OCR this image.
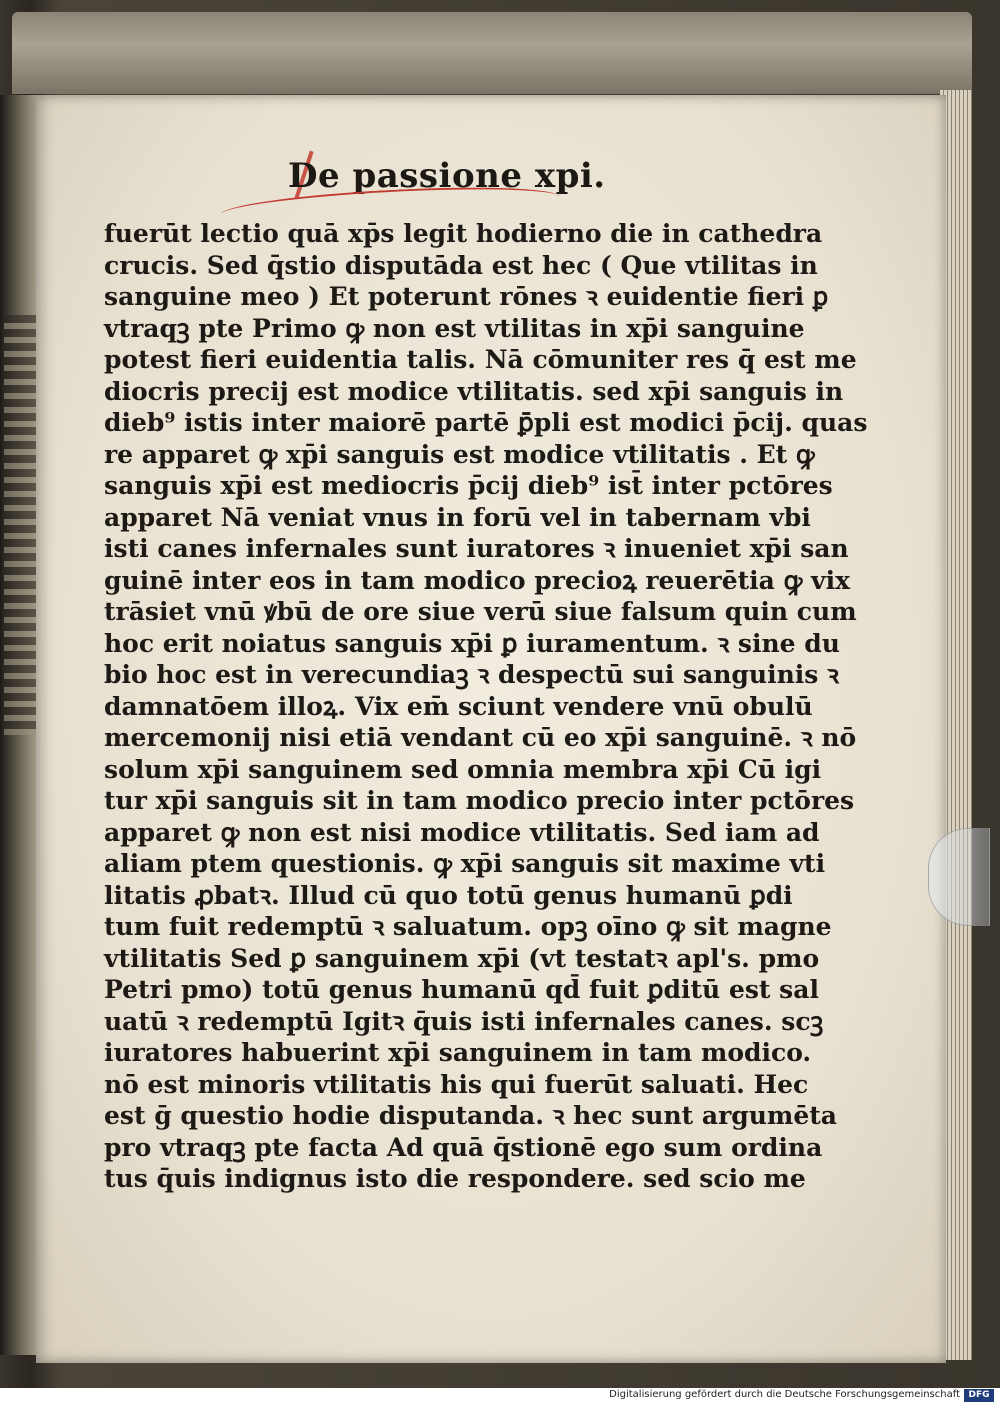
De passione xpi.
fuerūt lectio quā xp̄s legit hodierno die in cathedra
crucis. Sed q̄stio disputāda est hec ( Que vtilitas in
sanguine meo ) Et poterunt rōnes ꝛ euidentie fieri ꝑ
vtraqꝫ pte Primo ꝙ non est vtilitas in xp̄i sanguine
potest fieri euidentia talis. Nā cōmuniter res q̄ est me
diocris precij est modice vtilitatis. sed xp̄i sanguis in
dieb⁹ istis inter maiorē partē ꝑ̄pli est modici p̄cij. quas
re apparet ꝙ xp̄i sanguis est modice vtilitatis . Et ꝙ
sanguis xp̄i est mediocris p̄cij dieb⁹ ist̄ inter pctōres
apparet Nā veniat vnus in forū vel in tabernam vbi
isti canes infernales sunt iuratores ꝛ inueniet xp̄i san
guinē inter eos in tam modico precioꝝ reuerētia ꝙ vix
trāsiet vnū ꝟbū de ore siue verū siue falsum quin cum
hoc erit noiatus sanguis xp̄i ꝑ iuramentum. ꝛ sine du
bio hoc est in verecundiaꝫ ꝛ despectū sui sanguinis ꝛ
damnatōem illoꝝ. Vix em̄ sciunt vendere vnū obulū
mercemonij nisi etiā vendant cū eo xp̄i sanguinē. ꝛ nō
solum xp̄i sanguinem sed omnia membra xp̄i Cū igi
tur xp̄i sanguis sit in tam modico precio inter pctōres
apparet ꝙ non est nisi modice vtilitatis. Sed iam ad
aliam ptem questionis. ꝙ xp̄i sanguis sit maxime vti
litatis ꝓbatꝛ. Illud cū quo totū genus humanū ꝑdi
tum fuit redemptū ꝛ saluatum. opꝫ oīno ꝙ sit magne
vtilitatis Sed ꝑ sanguinem xp̄i (vt testatꝛ apl's. pmo
Petri pmo) totū genus humanū qd̄ fuit ꝑditū est sal
uatū ꝛ redemptū Igitꝛ q̄uis isti infernales canes. scꝫ
iuratores habuerint xp̄i sanguinem in tam modico.
nō est minoris vtilitatis his qui fuerūt saluati. Hec
est ḡ questio hodie disputanda. ꝛ hec sunt argumēta
pro vtraqꝫ pte facta Ad quā q̄stionē ego sum ordina
tus q̄uis indignus isto die respondere. sed scio me
Digitalisierung gefördert durch die Deutsche Forschungsgemeinschaft DFG
